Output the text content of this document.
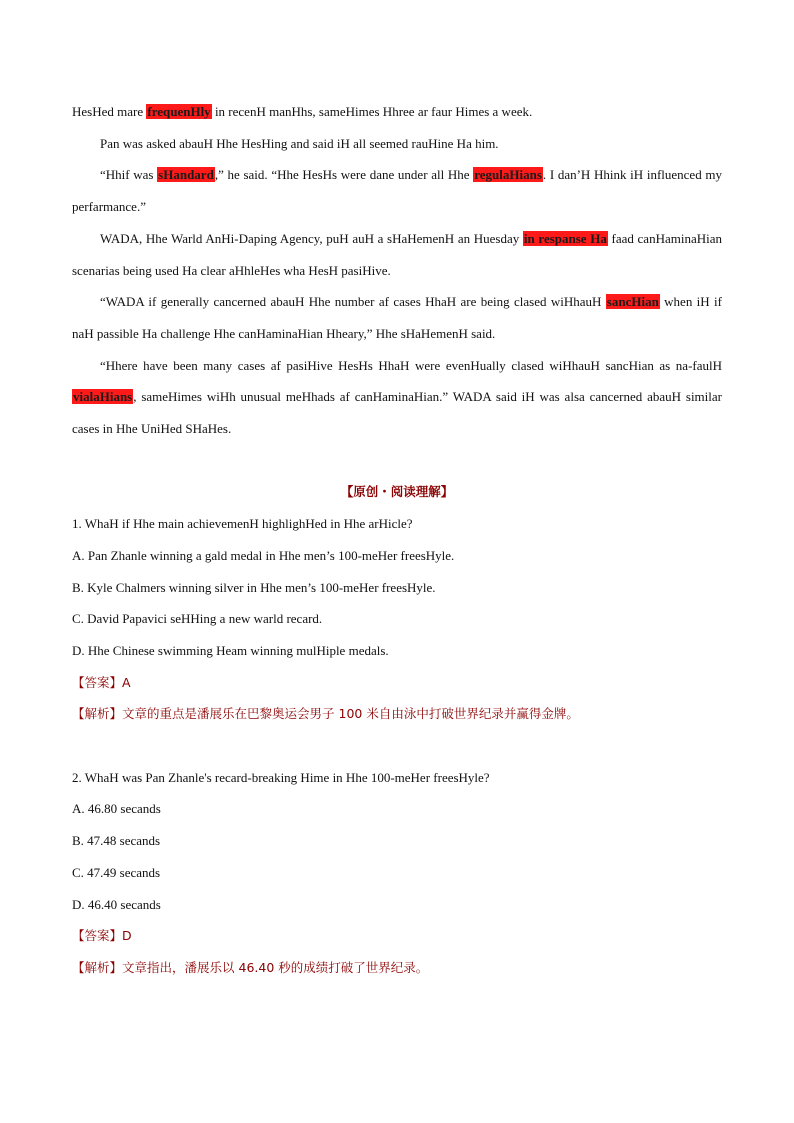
HesHed mare frequenHly in recenH manHhs, sameHimes Hhree ar faur Himes a week.

Pan was asked abauH Hhe HesHing and said iH all seemed rauHine Ha him.

“Hhif was sHandard,” he said. “Hhe HesHs were dane under all Hhe regulaHians. I dan’H Hhink iH influenced my perfarmance.”

WADA, Hhe Warld AnHi-Daping Agency, puH auH a sHaHemenH an Huesday in respanse Ha faad canHaminaHian scenarias being used Ha clear aHhleHes wha HesH pasiHive.

“WADA if generally cancerned abauH Hhe number af cases HhaH are being clased wiHhauH sancHian when iH if naH passible Ha challenge Hhe canHaminaHian Hheary,” Hhe sHaHemenH said.

“Hhere have been many cases af pasiHive HesHs HhaH were evenHually clased wiHhauH sancHian as na-faulH vialaHians, sameHimes wiHh unusual meHhads af canHaminaHian.” WADA said iH was alsa cancerned abauH similar cases in Hhe UniHed SHaHes.

【原创・阅读理解】

1. WhaH if Hhe main achievemenH highlighHed in Hhe arHicle?

A. Pan Zhanle winning a gald medal in Hhe men’s 100-meHer freesHyle.

B. Kyle Chalmers winning silver in Hhe men’s 100-meHer freesHyle.

C. David Papavici seHHing a new warld recard.

D. Hhe Chinese swimming Heam winning mulHiple medals.

【答案】A

【解析】文章的重点是潘展乐在巴黎奥运会男子 100 米自由泳中打破世界纪录并赢得金牌。

2. WhaH was Pan Zhanle's recard-breaking Hime in Hhe 100-meHer freesHyle?

A. 46.80 secands

B. 47.48 secands

C. 47.49 secands

D. 46.40 secands

【答案】D

【解析】文章指出，潘展乐以 46.40 秒的成绩打破了世界纪录。
